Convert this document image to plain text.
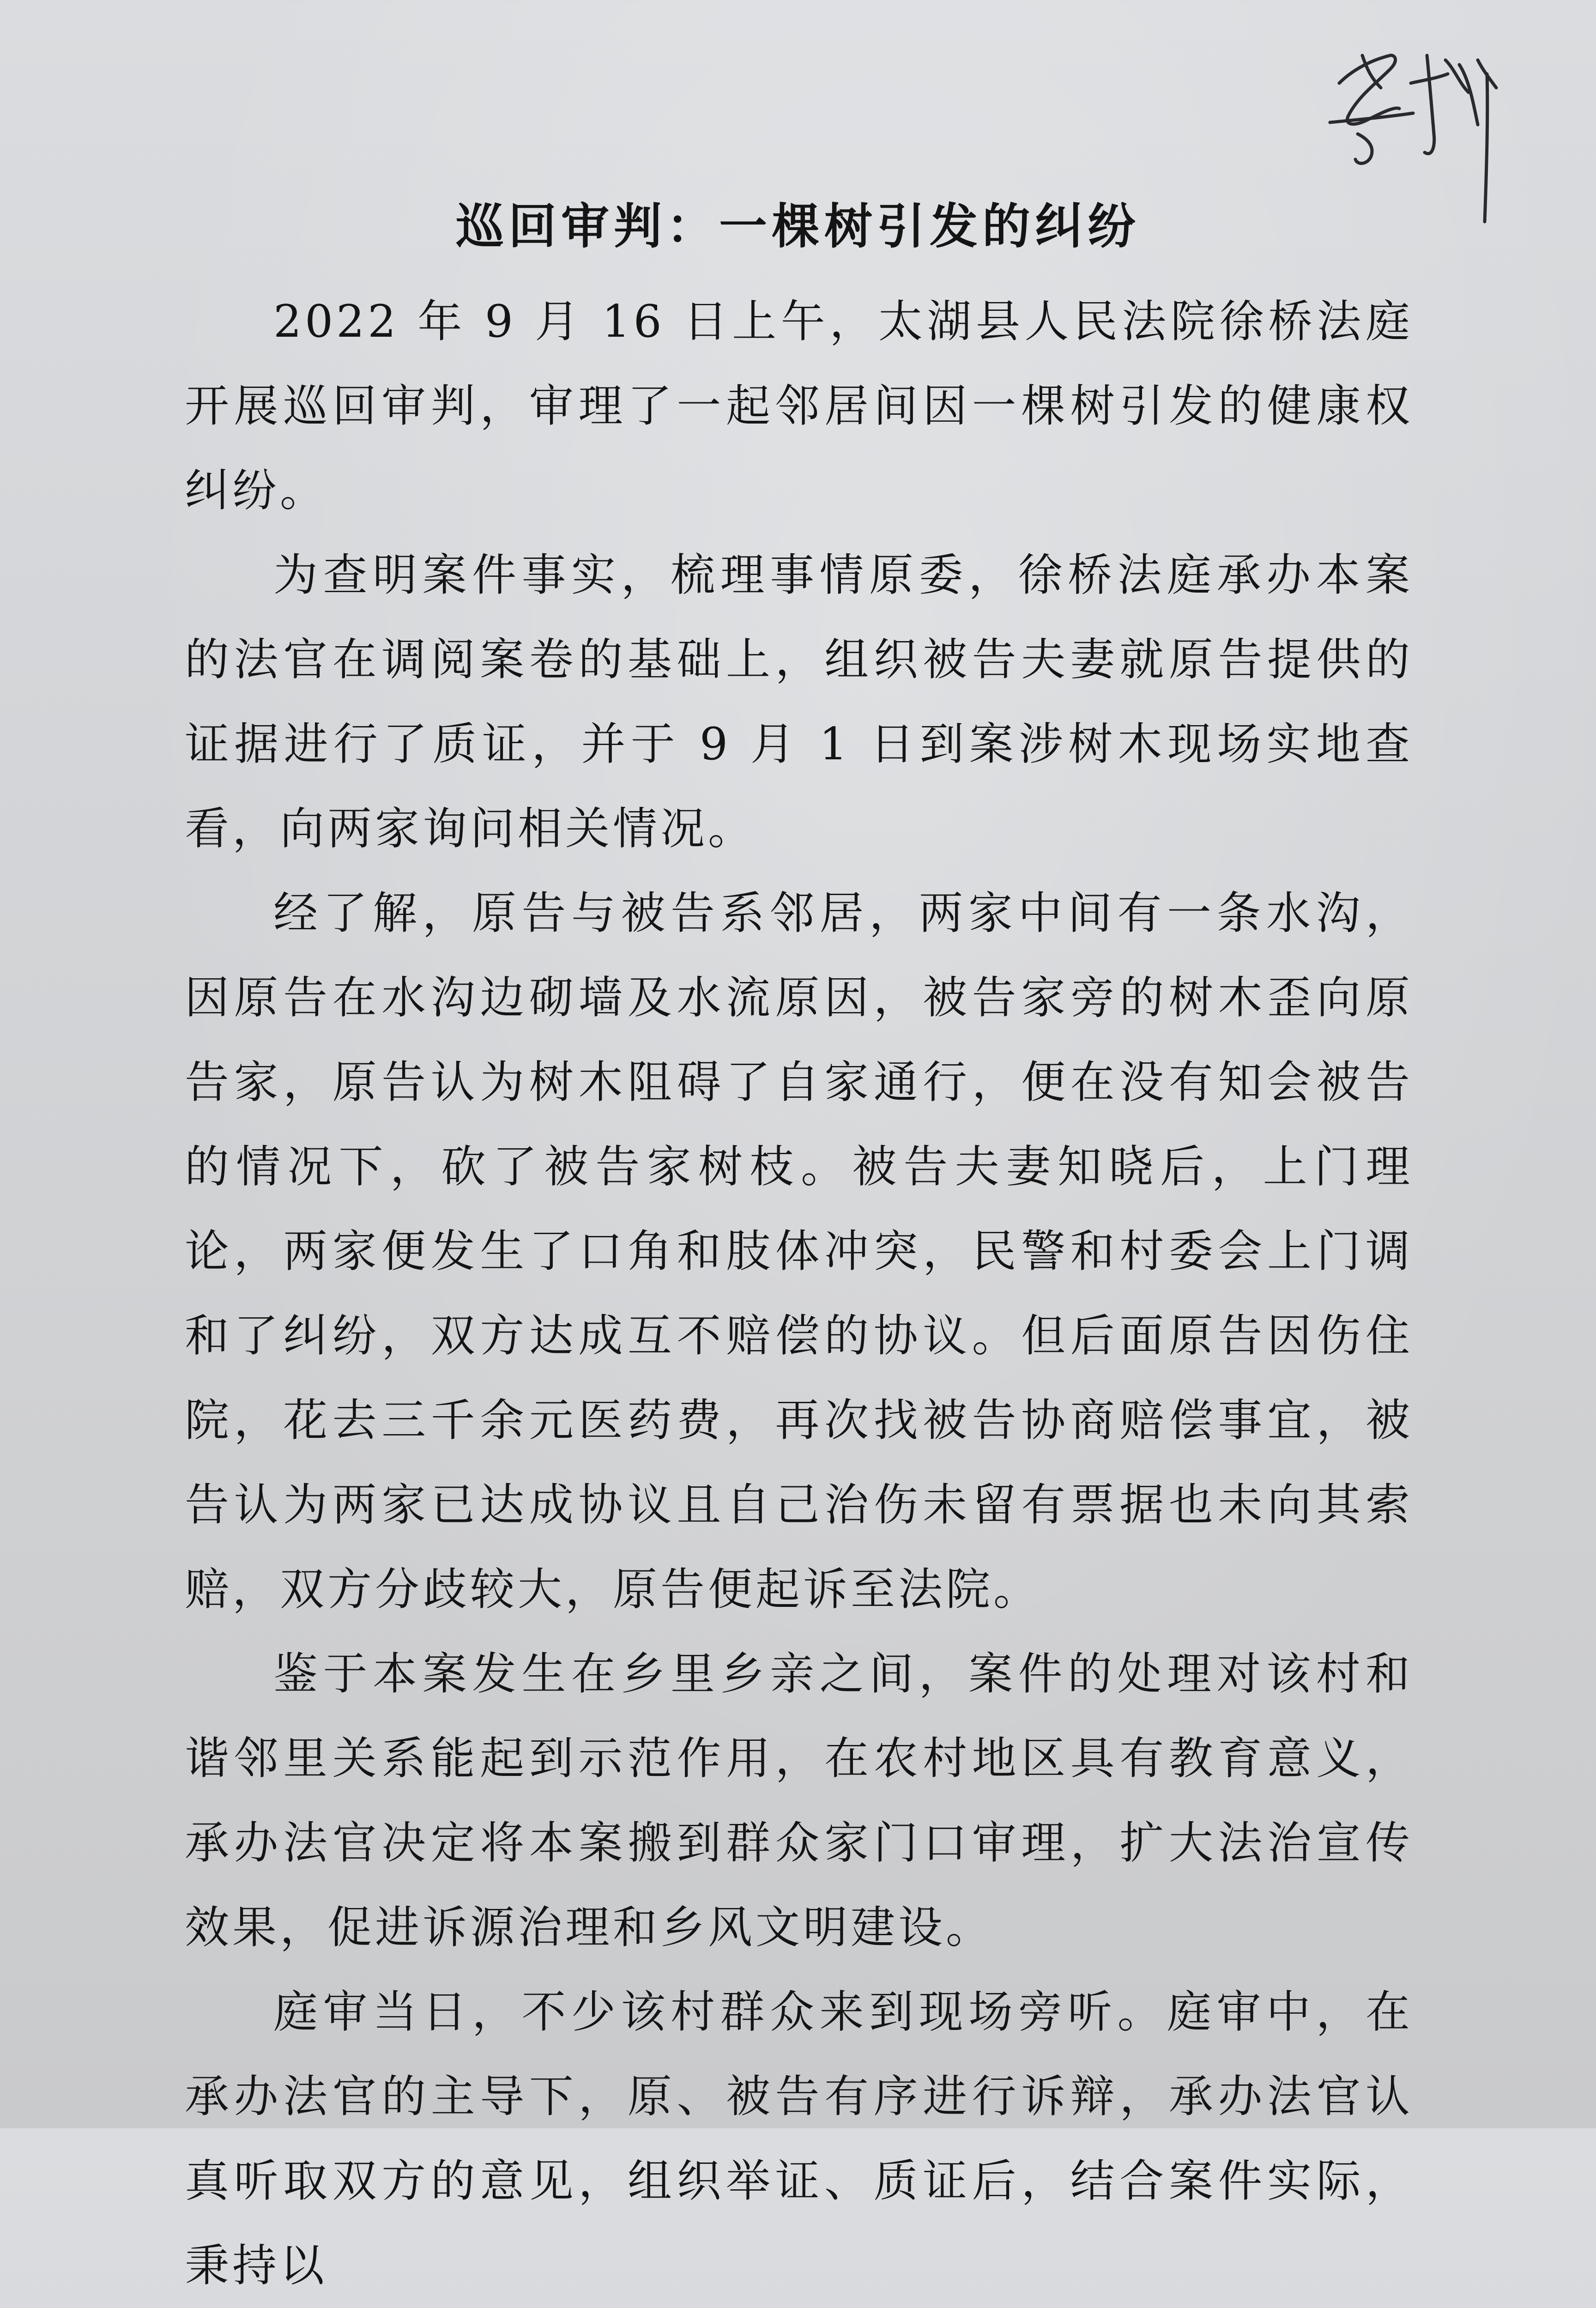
巡回审判：一棵树引发的纠纷

2022 年 9 月 16 日上午，太湖县人民法院徐桥法庭开展巡回审判，审理了一起邻居间因一棵树引发的健康权纠纷。

为查明案件事实，梳理事情原委，徐桥法庭承办本案的法官在调阅案卷的基础上，组织被告夫妻就原告提供的证据进行了质证，并于 9 月 1 日到案涉树木现场实地查看，向两家询问相关情况。

经了解，原告与被告系邻居，两家中间有一条水沟，因原告在水沟边砌墙及水流原因，被告家旁的树木歪向原告家，原告认为树木阻碍了自家通行，便在没有知会被告的情况下，砍了被告家树枝。被告夫妻知晓后，上门理论，两家便发生了口角和肢体冲突，民警和村委会上门调和了纠纷，双方达成互不赔偿的协议。但后面原告因伤住院，花去三千余元医药费，再次找被告协商赔偿事宜，被告认为两家已达成协议且自己治伤未留有票据也未向其索赔，双方分歧较大，原告便起诉至法院。

鉴于本案发生在乡里乡亲之间，案件的处理对该村和谐邻里关系能起到示范作用，在农村地区具有教育意义，承办法官决定将本案搬到群众家门口审理，扩大法治宣传效果，促进诉源治理和乡风文明建设。

庭审当日，不少该村群众来到现场旁听。庭审中，在承办法官的主导下，原、被告有序进行诉辩，承办法官认真听取双方的意见，组织举证、质证后，结合案件实际，秉持以
